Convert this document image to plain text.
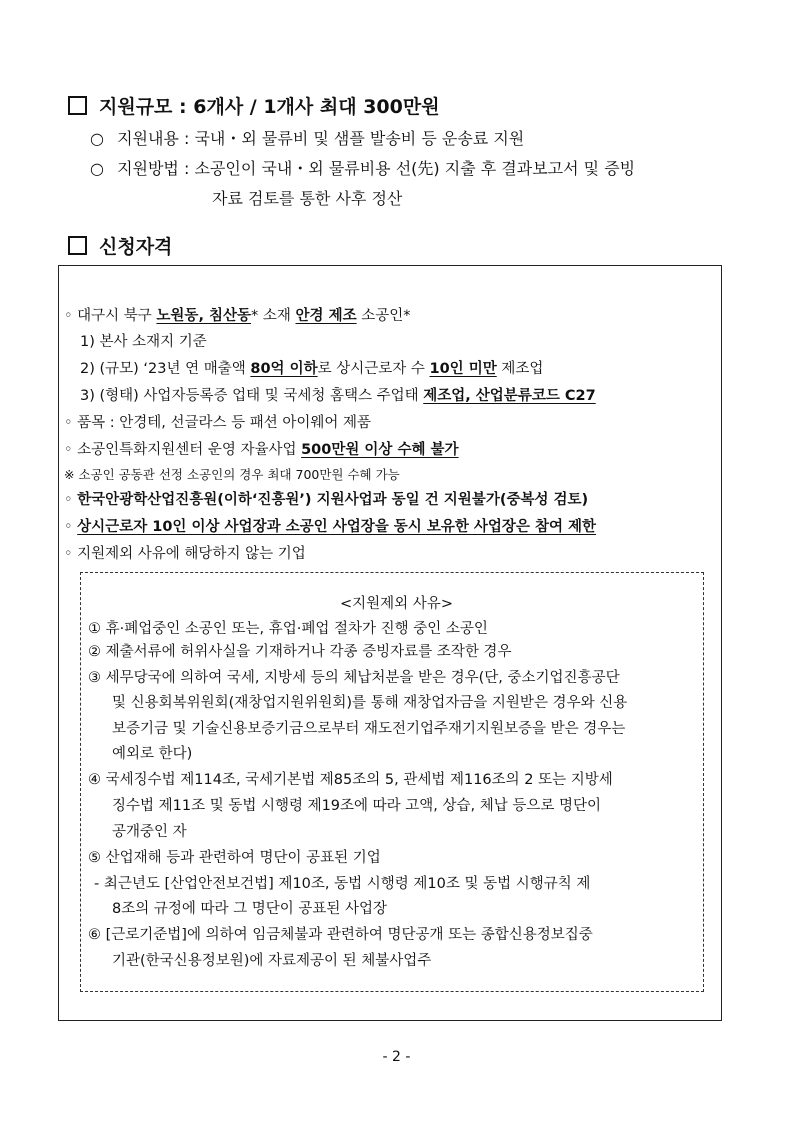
지원규모 : 6개사 / 1개사 최대 300만원
○ 지원내용 : 국내・외 물류비 및 샘플 발송비 등 운송료 지원
○ 지원방법 : 소공인이 국내・외 물류비용 선(先) 지출 후 결과보고서 및 증빙
자료 검토를 통한 사후 정산
신청자격
◦ 대구시 북구 노원동, 침산동* 소재 안경 제조 소공인*
1) 본사 소재지 기준
2) (규모) ‘23년 연 매출액 80억 이하로 상시근로자 수 10인 미만 제조업
3) (형태) 사업자등록증 업태 및 국세청 홈택스 주업태 제조업, 산업분류코드 C27
◦ 품목 : 안경테, 선글라스 등 패션 아이웨어 제품
◦ 소공인특화지원센터 운영 자율사업 500만원 이상 수혜 불가
※ 소공인 공동관 선정 소공인의 경우 최대 700만원 수혜 가능
◦ 한국안광학산업진흥원(이하‘진흥원’) 지원사업과 동일 건 지원불가(중복성 검토)
◦ 상시근로자 10인 이상 사업장과 소공인 사업장을 동시 보유한 사업장은 참여 제한
◦ 지원제외 사유에 해당하지 않는 기업
<지원제외 사유>
① 휴·폐업중인 소공인 또는, 휴업·폐업 절차가 진행 중인 소공인
② 제출서류에 허위사실을 기재하거나 각종 증빙자료를 조작한 경우
③ 세무당국에 의하여 국세, 지방세 등의 체납처분을 받은 경우(단, 중소기업진흥공단
및 신용회복위원회(재창업지원위원회)를 통해 재창업자금을 지원받은 경우와 신용
보증기금 및 기술신용보증기금으로부터 재도전기업주재기지원보증을 받은 경우는
예외로 한다)
④ 국세징수법 제114조, 국세기본법 제85조의 5, 관세법 제116조의 2 또는 지방세
징수법 제11조 및 동법 시행령 제19조에 따라 고액, 상습, 체납 등으로 명단이
공개중인 자
⑤ 산업재해 등과 관련하여 명단이 공표된 기업
- 최근년도 [산업안전보건법] 제10조, 동법 시행령 제10조 및 동법 시행규칙 제
8조의 규정에 따라 그 명단이 공표된 사업장
⑥ [근로기준법]에 의하여 임금체불과 관련하여 명단공개 또는 종합신용정보집중
기관(한국신용정보원)에 자료제공이 된 체불사업주
- 2 -
